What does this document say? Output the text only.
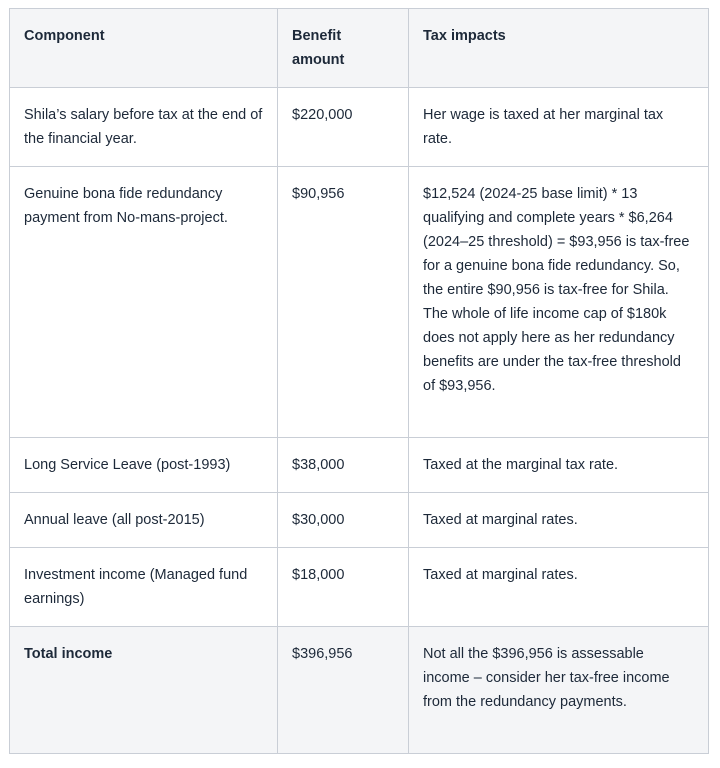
Component	Benefit amount	Tax impacts
Shila’s salary before tax at the end of the financial year.	$220,000	Her wage is taxed at her marginal tax rate.
Genuine bona fide redundancy payment from No-mans-project.	$90,956	$12,524 (2024-25 base limit) * 13 qualifying and complete years * $6,264 (2024–25 threshold) = $93,956 is tax-free for a genuine bona fide redundancy. So, the entire $90,956 is tax-free for Shila. The whole of life income cap of $180k does not apply here as her redundancy benefits are under the tax-free threshold of $93,956.
Long Service Leave (post-1993)	$38,000	Taxed at the marginal tax rate.
Annual leave (all post-2015)	$30,000	Taxed at marginal rates.
Investment income (Managed fund earnings)	$18,000	Taxed at marginal rates.
Total income	$396,956	Not all the $396,956 is assessable income – consider her tax-free income from the redundancy payments.
